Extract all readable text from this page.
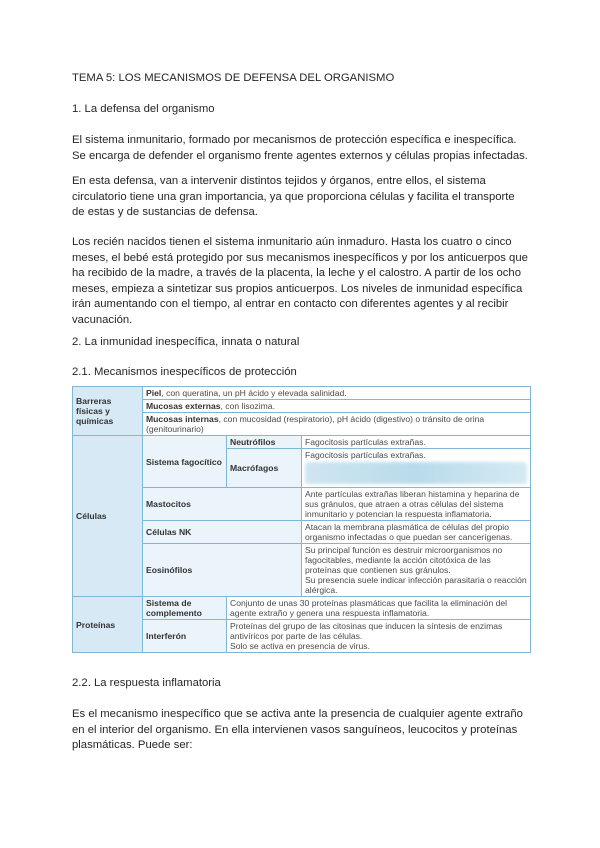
TEMA 5: LOS MECANISMOS DE DEFENSA DEL ORGANISMO
1. La defensa del organismo
El sistema inmunitario, formado por mecanismos de protección específica e inespecífica. Se encarga de defender el organismo frente agentes externos y células propias infectadas.
En esta defensa, van a intervenir distintos tejidos y órganos, entre ellos, el sistema circulatorio tiene una gran importancia, ya que proporciona células y facilita el transporte de estas y de sustancias de defensa.
Los recién nacidos tienen el sistema inmunitario aún inmaduro. Hasta los cuatro o cinco meses, el bebé está protegido por sus mecanismos inespecíficos y por los anticuerpos que ha recibido de la madre, a través de la placenta, la leche y el calostro. A partir de los ocho meses, empieza a sintetizar sus propios anticuerpos. Los niveles de inmunidad específica irán aumentando con el tiempo, al entrar en contacto con diferentes agentes y al recibir vacunación.
2. La inmunidad inespecífica, innata o natural
2.1. Mecanismos inespecíficos de protección
Barreras físicas y químicas	Piel, con queratina, un pH ácido y elevada salinidad.		
	Mucosas externas, con lisozima.		
	Mucosas internas, con mucosidad (respiratorio), pH ácido (digestivo) o tránsito de orina (genitourinario)		
Células	Sistema fagocítico	Neutrófilos	Fagocitosis partículas extrañas.
		Macrófagos	Fagocitosis partículas extrañas.

	Mastocitos		Ante partículas extrañas liberan histamina y heparina de sus gránulos, que atraen a otras células del sistema inmunitario y potencian la respuesta inflamatoria.
	Células NK		Atacan la membrana plasmática de células del propio organismo infectadas o que puedan ser cancerígenas.
	Eosinófilos		Su principal función es destruir microorganismos no fagocitables, mediante la acción citotóxica de las proteínas que contienen sus gránulos.
Su presencia suele indicar infección parasitaria o reacción alérgica.

Proteínas	Sistema de complemento	Conjunto de unas 30 proteínas plasmáticas que facilita la eliminación del agente extraño y genera una respuesta inflamatoria.	
	Interferón	Proteínas del grupo de las citosinas que inducen la síntesis de enzimas antivíricos por parte de las células.
Solo se activa en presencia de virus.	
2.2. La respuesta inflamatoria
Es el mecanismo inespecífico que se activa ante la presencia de cualquier agente extraño en el interior del organismo. En ella intervienen vasos sanguíneos, leucocitos y proteínas plasmáticas. Puede ser:
